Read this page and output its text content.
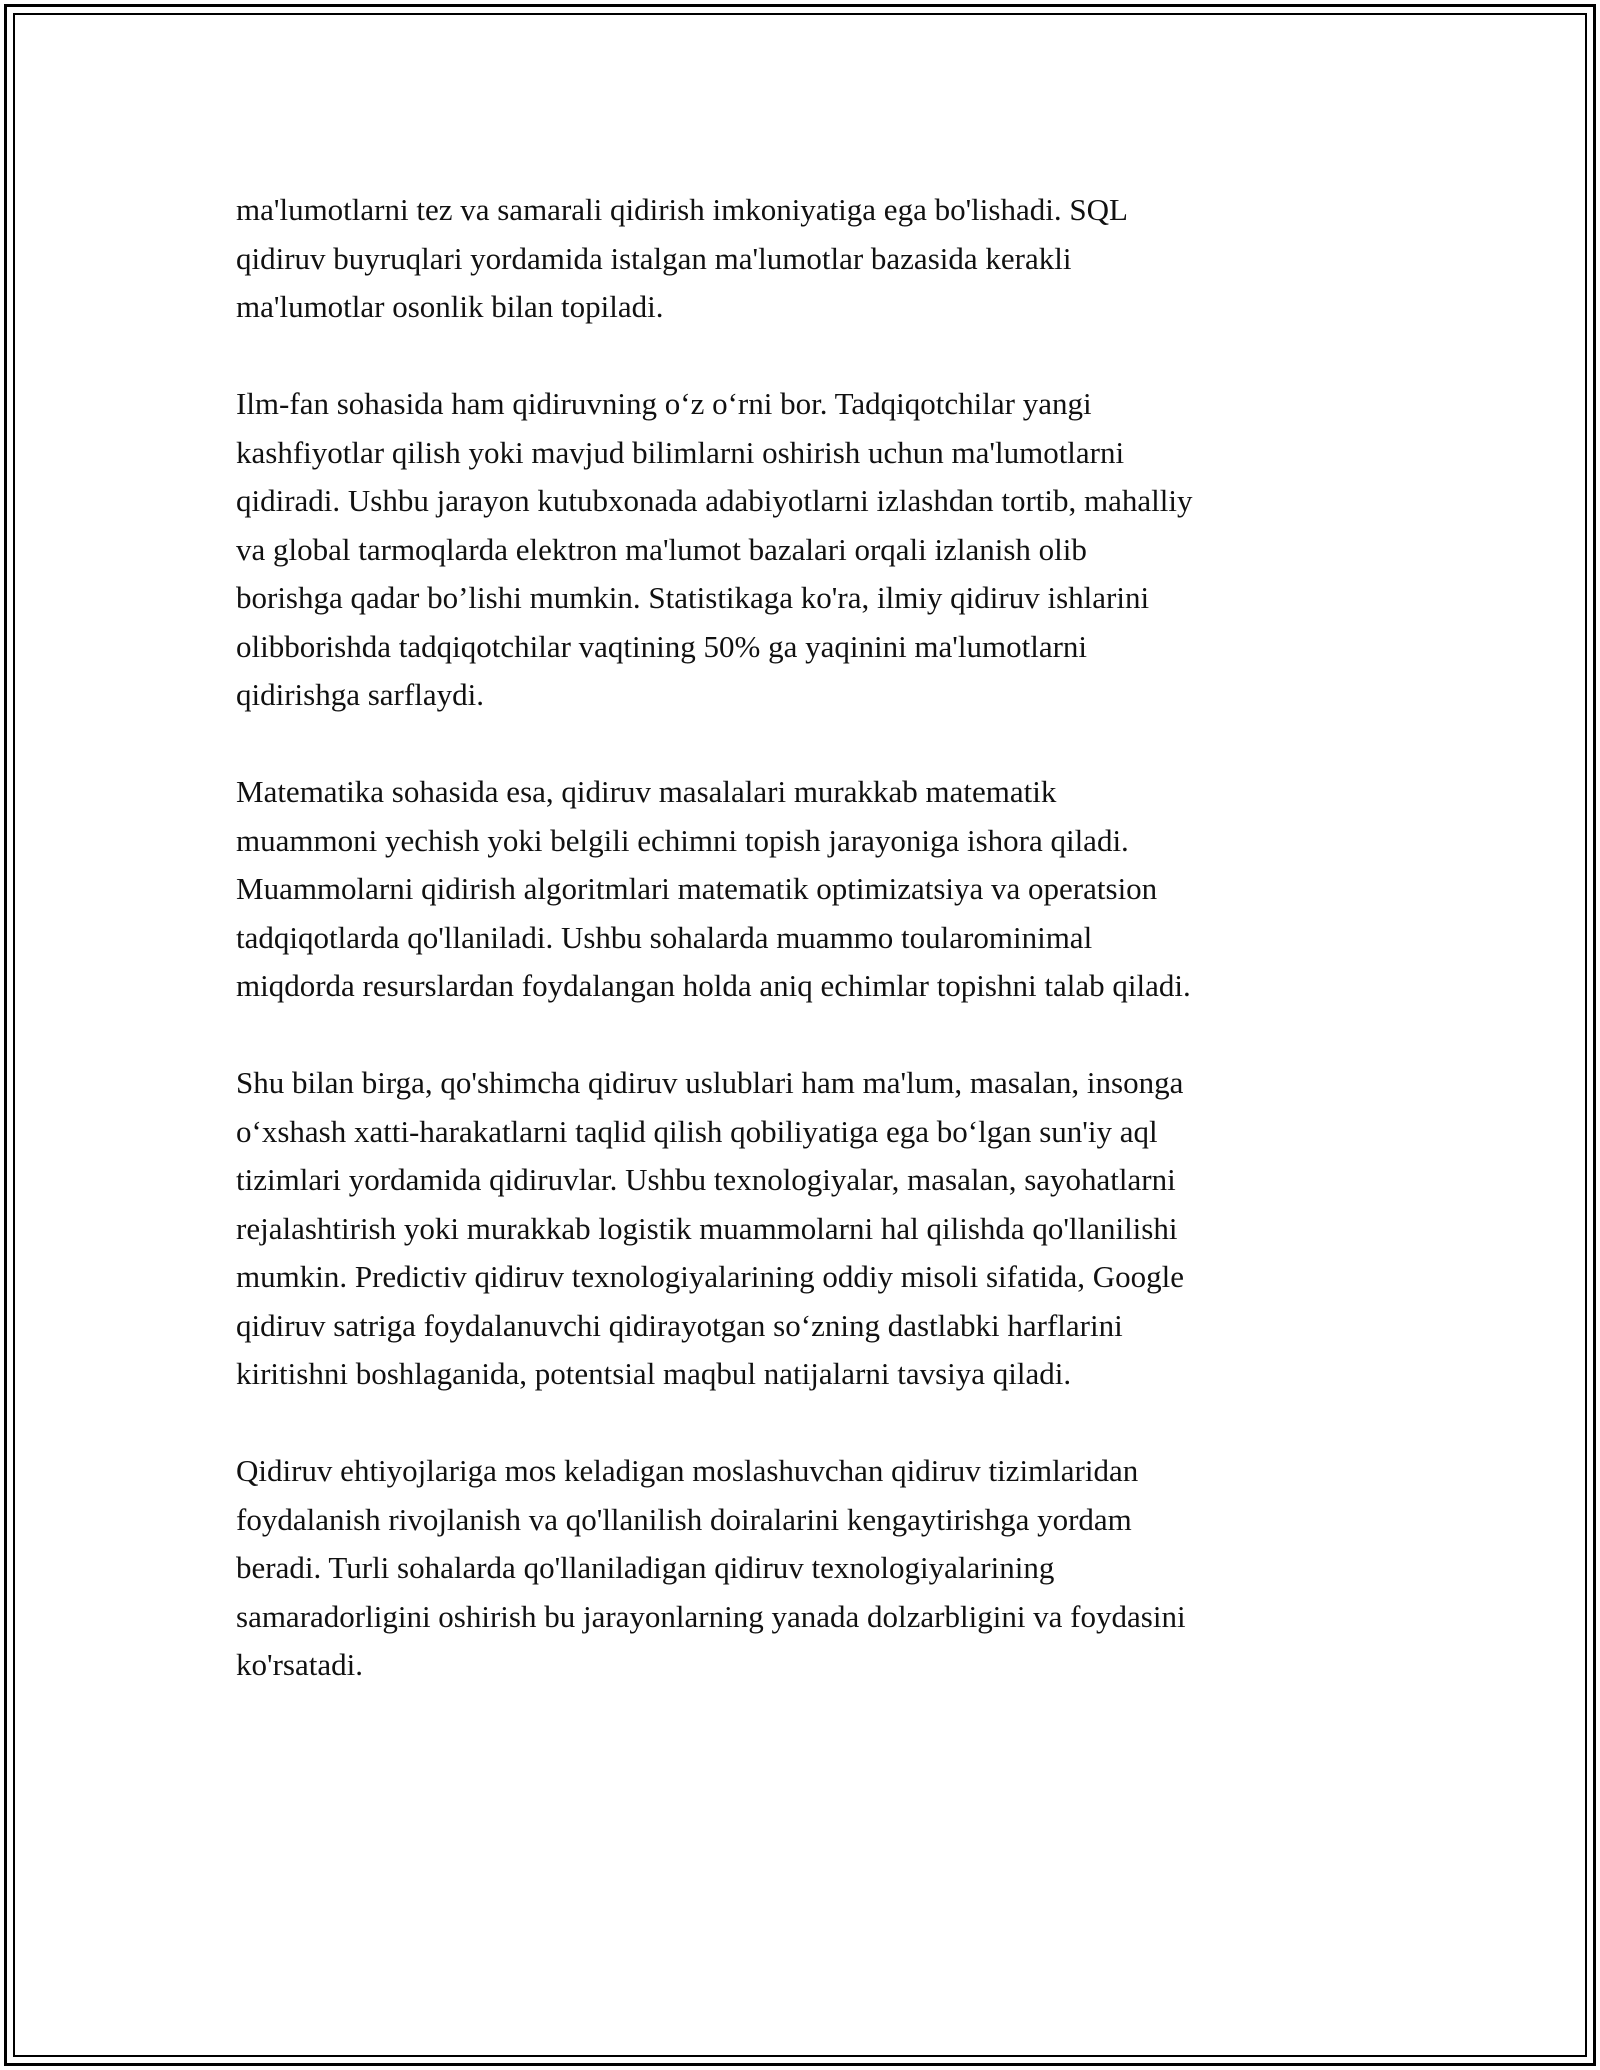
ma'lumotlarni tez va samarali qidirish imkoniyatiga ega bo'lishadi. SQL
qidiruv buyruqlari yordamida istalgan ma'lumotlar bazasida kerakli
ma'lumotlar osonlik bilan topiladi.

Ilm-fan sohasida ham qidiruvning oʻz oʻrni bor. Tadqiqotchilar yangi
kashfiyotlar qilish yoki mavjud bilimlarni oshirish uchun ma'lumotlarni
qidiradi. Ushbu jarayon kutubxonada adabiyotlarni izlashdan tortib, mahalliy
va global tarmoqlarda elektron ma'lumot bazalari orqali izlanish olib
borishga qadar bo’lishi mumkin. Statistikaga ko'ra, ilmiy qidiruv ishlarini
olibborishda tadqiqotchilar vaqtining 50% ga yaqinini ma'lumotlarni
qidirishga sarflaydi.

Matematika sohasida esa, qidiruv masalalari murakkab matematik
muammoni yechish yoki belgili echimni topish jarayoniga ishora qiladi.
Muammolarni qidirish algoritmlari matematik optimizatsiya va operatsion
tadqiqotlarda qo'llaniladi. Ushbu sohalarda muammo toularominimal
miqdorda resurslardan foydalangan holda aniq echimlar topishni talab qiladi.

Shu bilan birga, qo'shimcha qidiruv uslublari ham ma'lum, masalan, insonga
oʻxshash xatti-harakatlarni taqlid qilish qobiliyatiga ega boʻlgan sun'iy aql
tizimlari yordamida qidiruvlar. Ushbu texnologiyalar, masalan, sayohatlarni
rejalashtirish yoki murakkab logistik muammolarni hal qilishda qo'llanilishi
mumkin. Predictiv qidiruv texnologiyalarining oddiy misoli sifatida, Google
qidiruv satriga foydalanuvchi qidirayotgan soʻzning dastlabki harflarini
kiritishni boshlaganida, potentsial maqbul natijalarni tavsiya qiladi.

Qidiruv ehtiyojlariga mos keladigan moslashuvchan qidiruv tizimlaridan
foydalanish rivojlanish va qo'llanilish doiralarini kengaytirishga yordam
beradi. Turli sohalarda qo'llaniladigan qidiruv texnologiyalarining
samaradorligini oshirish bu jarayonlarning yanada dolzarbligini va foydasini
ko'rsatadi.
